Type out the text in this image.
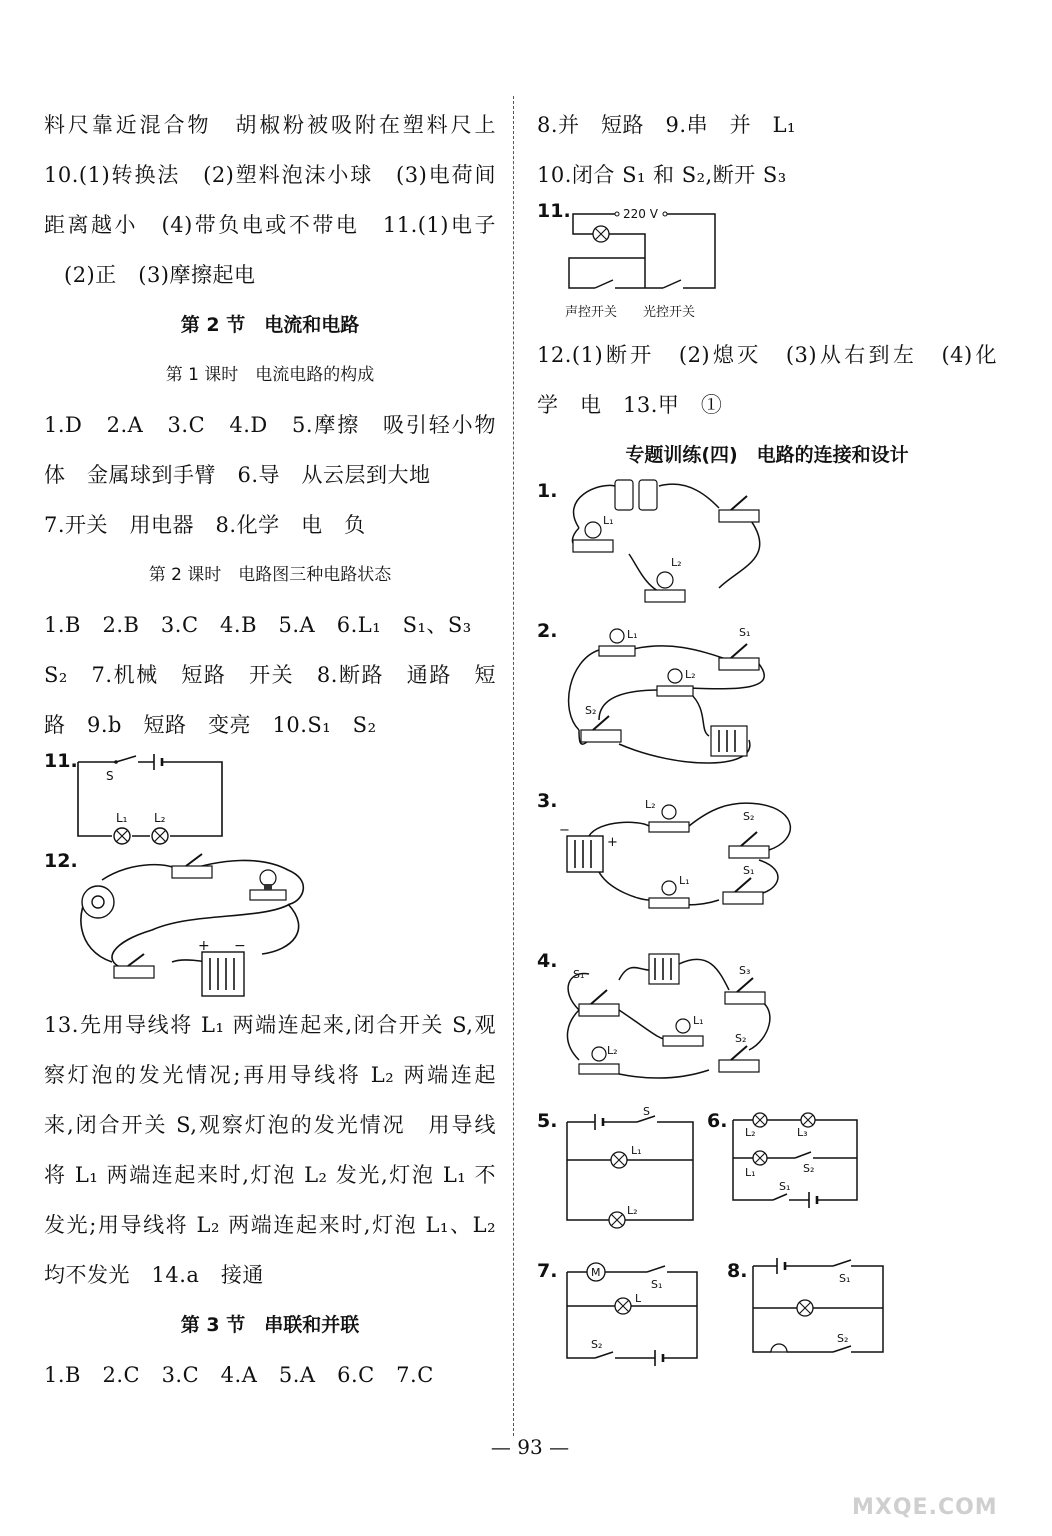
料尺靠近混合物　胡椒粉被吸附在塑料尺上
10.(1)转换法　(2)塑料泡沫小球　(3)电荷间
距离越小　(4)带负电或不带电　11.(1)电子
(2)正　(3)摩擦起电
第 2 节　电流和电路
第 1 课时　电流电路的构成
1.D　2.A　3.C　4.D　5.摩擦　吸引轻小物
体　金属球到手臂　6.导　从云层到大地
7.开关　用电器　8.化学　电　负
第 2 课时　电路图三种电路状态
1.B　2.B　3.C　4.B　5.A　6.L₁　S₁、S₃
S₂　7.机械　短路　开关　8.断路　通路　短
路　9.b　短路　变亮　10.S₁　S₂
11.
S
L₁ L₂
12.
+ −
13.先用导线将 L₁ 两端连起来,闭合开关 S,观
察灯泡的发光情况;再用导线将 L₂ 两端连起
来,闭合开关 S,观察灯泡的发光情况　用导线
将 L₁ 两端连起来时,灯泡 L₂ 发光,灯泡 L₁ 不
发光;用导线将 L₂ 两端连起来时,灯泡 L₁、L₂
均不发光　14.a　接通
第 3 节　串联和并联
1.B　2.C　3.C　4.A　5.A　6.C　7.C
8.并　短路　9.串　并　L₁
10.闭合 S₁ 和 S₂,断开 S₃
11.	220 V
声控开关 光控开关
12.(1)断开　(2)熄灭　(3)从右到左　(4)化
学　电　13.甲　①
专题训练(四)　电路的连接和设计
1.
L₁
L₂
2.	L₁
L₂
S₁
S₂
3.
−
+
L₂
L₁
S₂
S₁
4.
S₁	S₃
L₁
L₂
S₂
5.	S
L₁
L₂
6.
L₂	L₃
L₁	S₂
S₁
7.	M
S₁
L
S₂
8.	S₁
S₂
— 93 —
MXQE.COM
